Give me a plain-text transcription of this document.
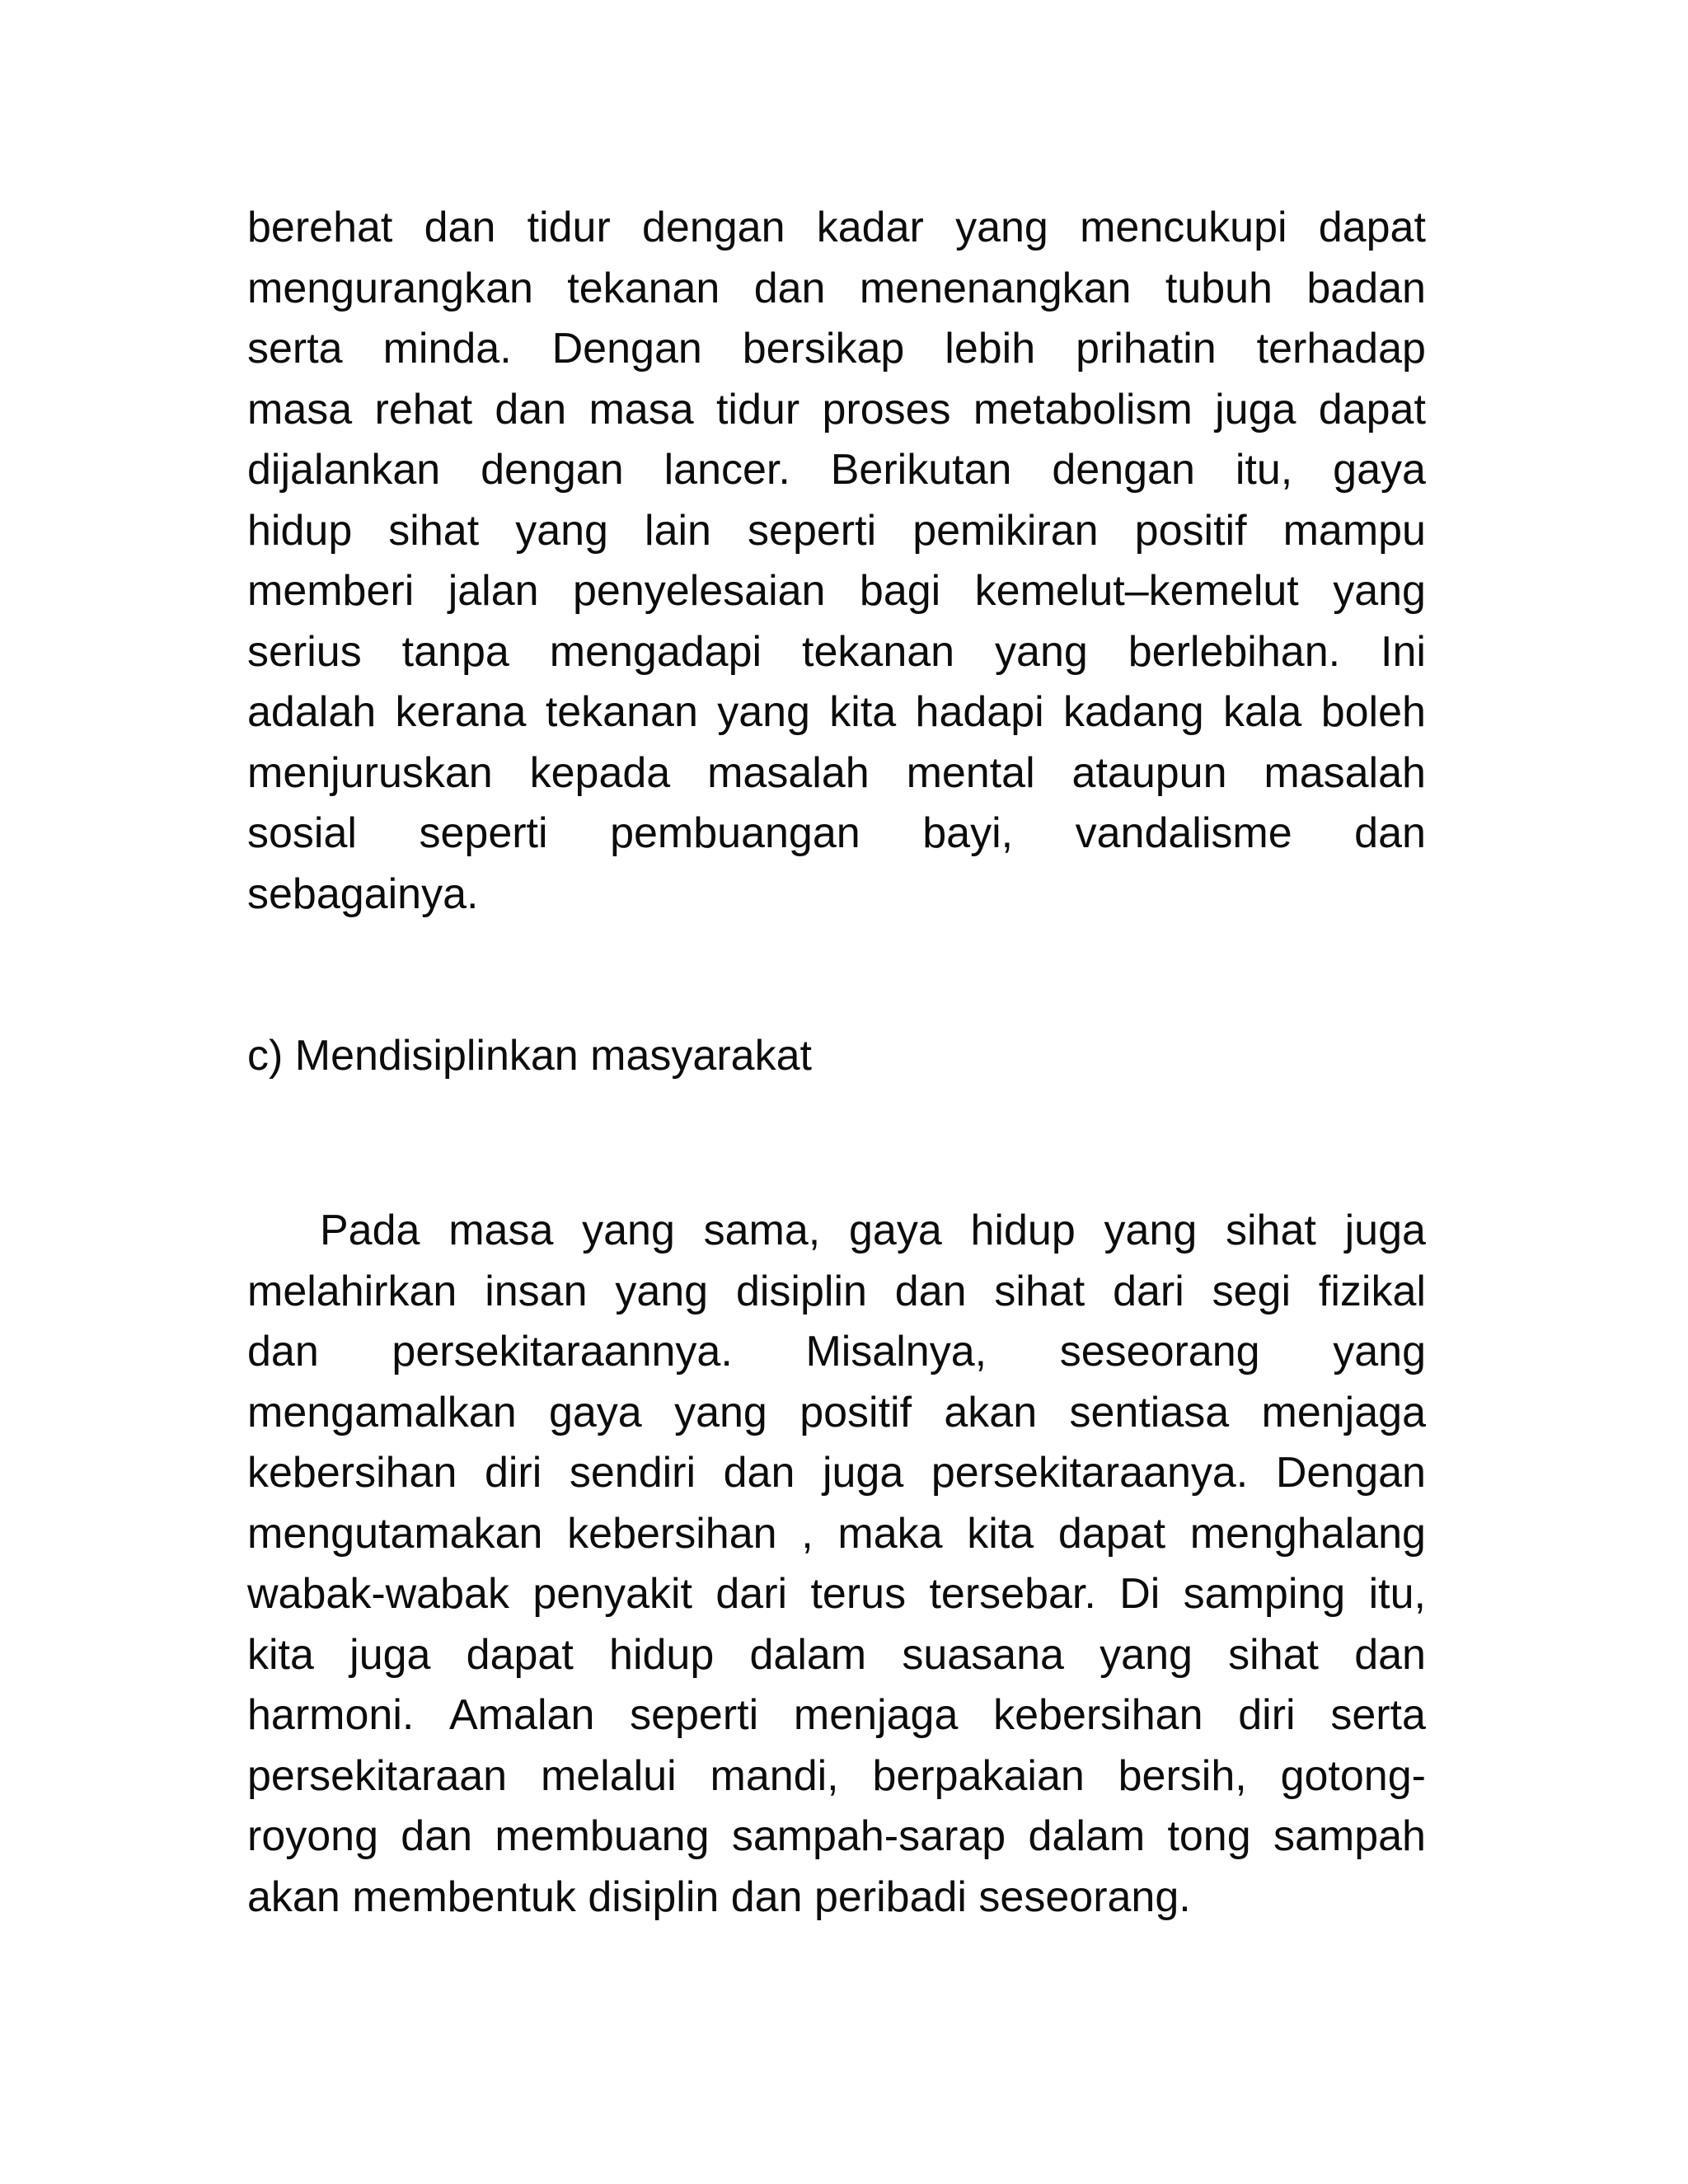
berehat dan tidur dengan kadar yang mencukupi dapat
mengurangkan tekanan dan menenangkan tubuh badan
serta minda. Dengan bersikap lebih prihatin terhadap
masa rehat dan masa tidur proses metabolism juga dapat
dijalankan dengan lancer. Berikutan dengan itu, gaya
hidup sihat yang lain seperti pemikiran positif mampu
memberi jalan penyelesaian bagi kemelut–kemelut yang
serius tanpa mengadapi tekanan yang berlebihan. Ini
adalah kerana tekanan yang kita hadapi kadang kala boleh
menjuruskan kepada masalah mental ataupun masalah
sosial seperti pembuangan bayi, vandalisme dan
sebagainya.
c) Mendisiplinkan masyarakat
Pada masa yang sama, gaya hidup yang sihat juga
melahirkan insan yang disiplin dan sihat dari segi fizikal
dan persekitaraannya. Misalnya, seseorang yang
mengamalkan gaya yang positif akan sentiasa menjaga
kebersihan diri sendiri dan juga persekitaraanya. Dengan
mengutamakan kebersihan , maka kita dapat menghalang
wabak-wabak penyakit dari terus tersebar. Di samping itu,
kita juga dapat hidup dalam suasana yang sihat dan
harmoni. Amalan seperti menjaga kebersihan diri serta
persekitaraan melalui mandi, berpakaian bersih, gotong-
royong dan membuang sampah-sarap dalam tong sampah
akan membentuk disiplin dan peribadi seseorang.
